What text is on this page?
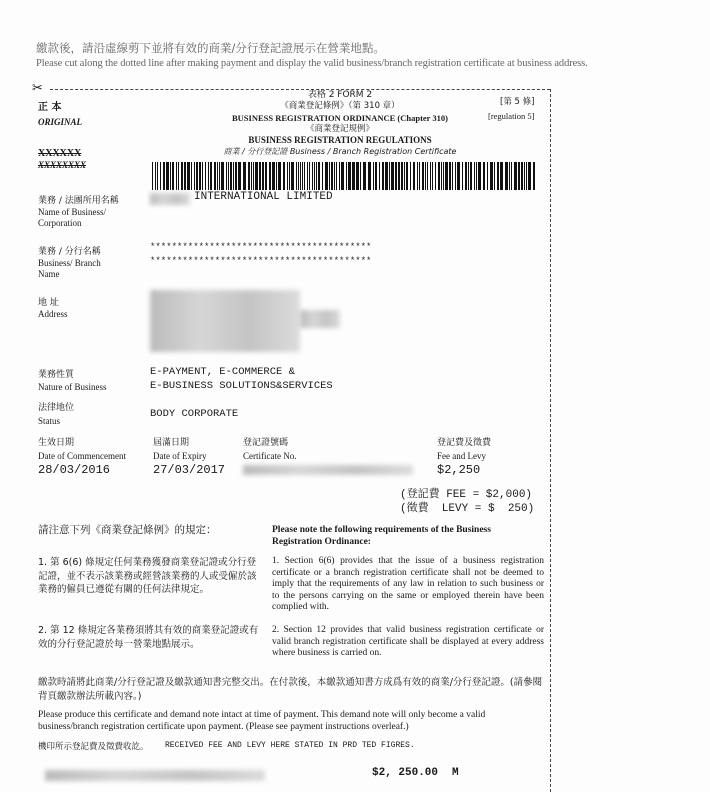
繳款後，請沿虛線剪下並將有效的商業/分行登記證展示在營業地點。
Please cut along the dotted line after making payment and display the valid business/branch registration certificate at business address.
✂
正 本
ORIGINAL
XXXXXX
XXXXXXXX
表格 2 FORM 2
《商業登記條例》（第 310 章）
BUSINESS REGISTRATION ORDINANCE (Chapter 310)
《商業登記規例》
BUSINESS REGISTRATION REGULATIONS
商業 / 分行登記證 Business / Branch Registration Certificate
[第 5 條]
[regulation 5]
業務 / 法團所用名稱
Name of Business/ Corporation
INTERNATIONAL LIMITED
業務 / 分行名稱
Business/ Branch Name
*****************************************
*****************************************
地 址
Address
業務性質
Nature of Business
E-PAYMENT, E-COMMERCE &
E-BUSINESS SOLUTIONS&SERVICES
法律地位
Status
BODY CORPORATE
生效日期
Date of Commencement
28/03/2016
屆滿日期
Date of Expiry
27/03/2017
登記證號碼
Certificate No.
登記費及徵費
Fee and Levy
$2,250
(登記費 FEE = $2,000)
(徵費  LEVY = $  250)
請注意下列《商業登記條例》的規定：	Please note the following requirements of the Business Registration Ordinance:
1. 第 6(6) 條規定任何業務獲發商業登記證或分行登記證，並不表示該業務或經營該業務的人或受僱於該業務的僱員已遵從有關的任何法律規定。
1. Section 6(6) provides that the issue of a business registration certificate or a branch registration certificate shall not be deemed to imply that the requirements of any law in relation to such business or to the persons carrying on the same or employed therein have been complied with.
2. 第 12 條規定各業務須將其有效的商業登記證或有效的分行登記證於每一營業地點展示。
2. Section 12 provides that valid business registration certificate or valid branch registration certificate shall be displayed at every address where business is carried on.
繳款時請將此商業/分行登記證及繳款通知書完整交出。在付款後，本繳款通知書方成爲有效的商業/分行登記證。(請參閱背頁繳款辦法所載內容。)
Please produce this certificate and demand note intact at time of payment. This demand note will only become a valid business/branch registration certificate upon payment. (Please see payment instructions overleaf.)
機印所示登記費及徵費收訖。 RECEIVED FEE AND LEVY HERE STATED IN PRD TED FIGRES.
$2, 250.00 M
